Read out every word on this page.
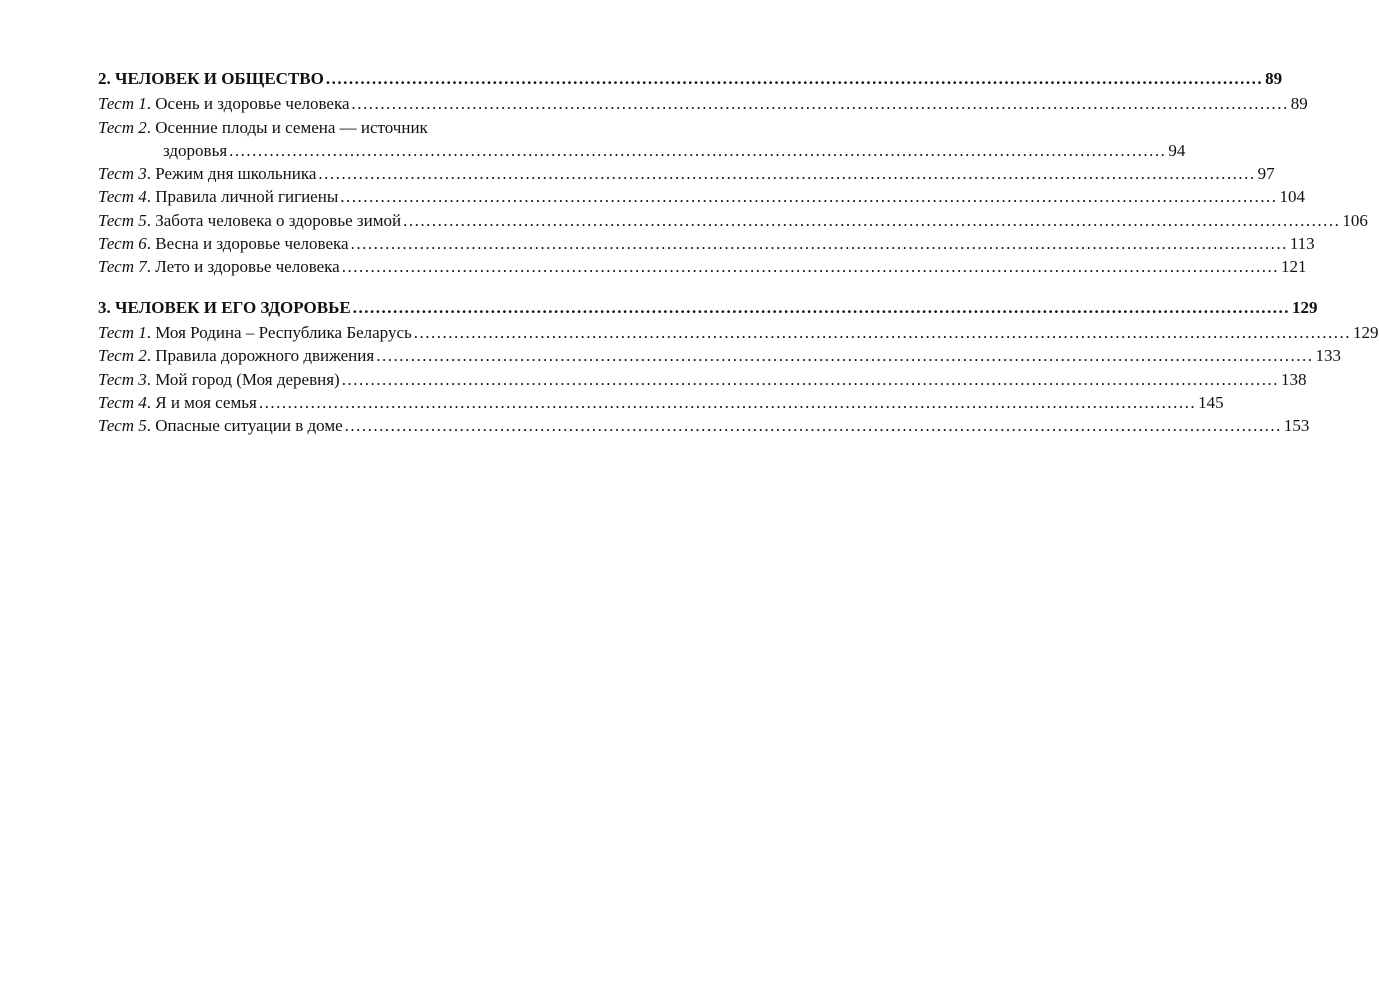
2. ЧЕЛОВЕК И ОБЩЕСТВО .....	89
Тест 1. Осень и здоровье человека .....	89
Тест 2. Осенние плоды и семена — источник
здоровья .....	94
Тест 3. Режим дня школьника .....	97
Тест 4. Правила личной гигиены .....	104
Тест 5. Забота человека о здоровье зимой .....	106
Тест 6. Весна и здоровье человека .....	113
Тест 7. Лето и здоровье человека .....	121
3. ЧЕЛОВЕК И ЕГО ЗДОРОВЬЕ .....	129
Тест 1. Моя Родина – Республика Беларусь .....	129
Тест 2. Правила дорожного движения .....	133
Тест 3. Мой город (Моя деревня) .....	138
Тест 4. Я и моя семья .....	145
Тест 5. Опасные ситуации в доме .....	153
